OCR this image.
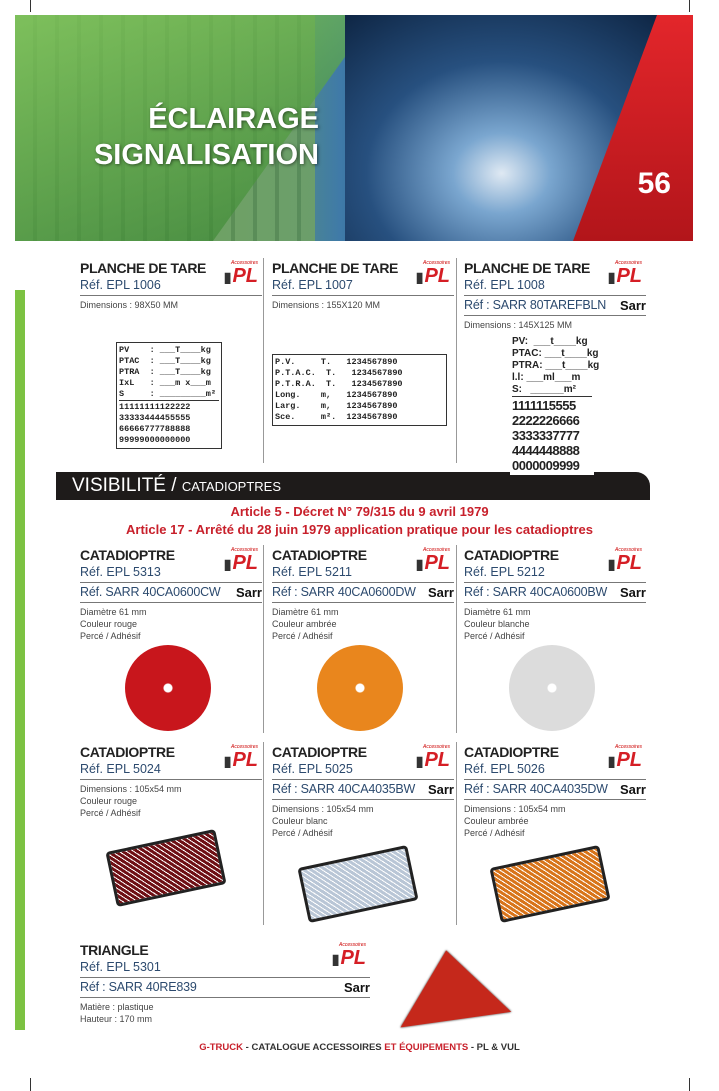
ÉCLAIRAGE
SIGNALISATION
56
VISIBILITÉ / CATADIOPTRES
Article 5 - Décret N° 79/315 du 9 avril 1979
Article 17 - Arrêté du 28 juin 1979 application pratique pour les catadioptres
PLANCHE DE TARE
Réf. EPL 1006
Accessoires
▮ PL
Dimensions : 98X50 MM
PV    : ___T____kg
PTAC  : ___T____kg
PTRA  : ___T____kg
IxL   : ___m x___m
S     : _________m²
11111111122222
33333444455555
66666777788888
99999000000000
PLANCHE DE TARE
Réf. EPL 1007
Accessoires
▮ PL
Dimensions : 155X120 MM
P.V.     T.   1234567890
P.T.A.C.  T.   1234567890
P.T.R.A.  T.   1234567890
Long.    m,   1234567890
Larg.    m,   1234567890
Sce.     m².  1234567890
PLANCHE DE TARE
Réf. EPL 1008
Accessoires
▮ PL
Réf : SARR 80TAREFBLN Sarr
Dimensions : 145X125 MM
PV:  ___t____kg
PTAC: ___t____kg
PTRA: ___t____kg
l.l: ___ml___m
S:   ______m²
1111115555
2222226666
3333337777
4444448888
0000009999
CATADIOPTRE
Réf. EPL 5313
Accessoires
▮ PL
Réf. SARR 40CA0600CW Sarr
Diamètre 61 mm
Couleur rouge
Percé / Adhésif
CATADIOPTRE
Réf. EPL 5211
Accessoires
▮ PL
Réf : SARR 40CA0600DW Sarr
Diamètre 61 mm
Couleur ambrée
Percé / Adhésif
CATADIOPTRE
Réf. EPL 5212
Accessoires
▮ PL
Réf : SARR 40CA0600BW Sarr
Diamètre 61 mm
Couleur blanche
Percé / Adhésif
CATADIOPTRE
Réf. EPL 5024
Accessoires
▮ PL
Dimensions : 105x54 mm
Couleur rouge
Percé / Adhésif
CATADIOPTRE
Réf. EPL 5025
Accessoires
▮ PL
Réf : SARR 40CA4035BW Sarr
Dimensions : 105x54 mm
Couleur blanc
Percé / Adhésif
CATADIOPTRE
Réf. EPL 5026
Accessoires
▮ PL
Réf : SARR 40CA4035DW Sarr
Dimensions : 105x54 mm
Couleur ambrée
Percé / Adhésif
TRIANGLE
Réf. EPL 5301
Accessoires
▮ PL
Réf : SARR 40RE839	Sarr
Matière : plastique
Hauteur : 170 mm
G-TRUCK - CATALOGUE ACCESSOIRES ET ÉQUIPEMENTS - PL & VUL
